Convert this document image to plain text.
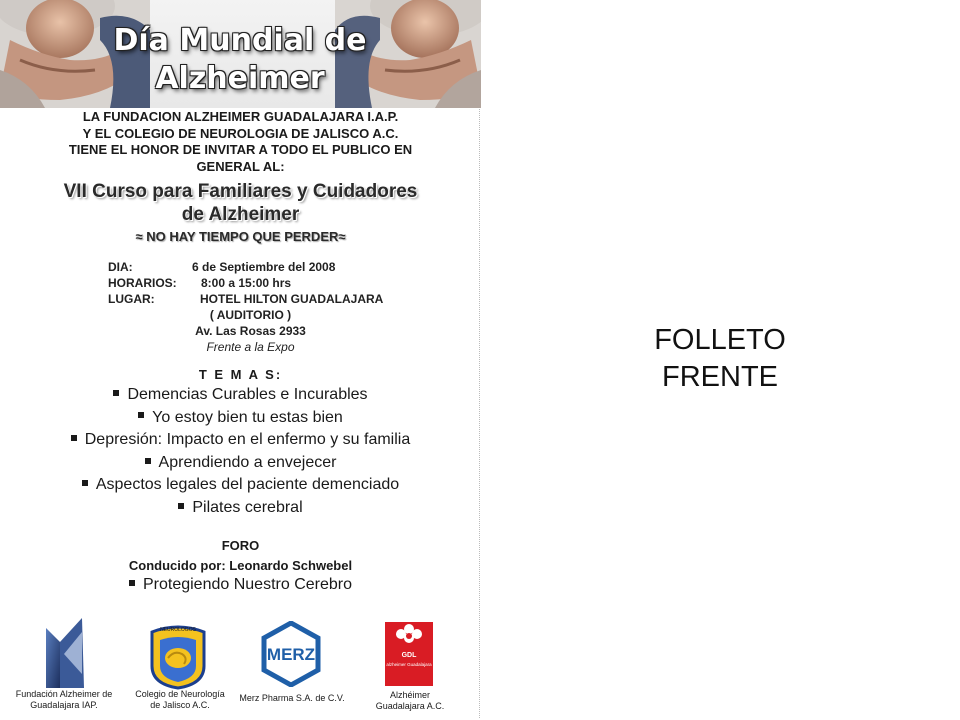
Día Mundial de
Alzheimer
LA FUNDACION ALZHEIMER GUADALAJARA I.A.P.
Y EL COLEGIO DE NEUROLOGIA DE JALISCO A.C.
TIENE EL HONOR DE INVITAR A TODO EL PUBLICO EN
GENERAL AL:
VII Curso para Familiares y Cuidadores
de Alzheimer
≈ NO HAY TIEMPO QUE PERDER≈
DIA:	6 de Septiembre del 2008
HORARIOS: 8:00 a 15:00 hrs
LUGAR:	HOTEL HILTON GUADALAJARA
( AUDITORIO )
Av. Las Rosas 2933
Frente a la Expo
T E M A S:
Demencias Curables e Incurables
Yo estoy bien tu estas bien
Depresión: Impacto en el enfermo y su familia
Aprendiendo a envejecer
Aspectos legales del paciente demenciado
Pilates cerebral
FORO
Conducido por: Leonardo Schwebel
Protegiendo Nuestro Cerebro
Fundación Alzheimer de
Guadalajara IAP.
NEUROLOGOS
Colegio de Neurología
de Jalisco A.C.
MERZ
Merz Pharma S.A. de C.V.
GDL
alzheimer Guadalajara
Alzhéimer
Guadalajara A.C.
FOLLETO
FRENTE
